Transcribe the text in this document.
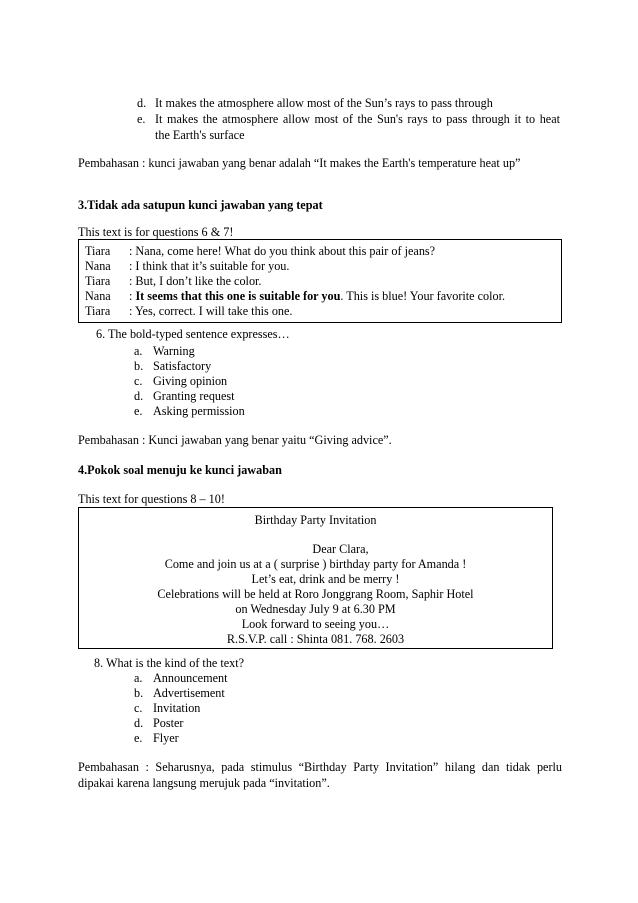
d. It makes the atmosphere allow most of the Sun’s rays to pass through
e. It makes the atmosphere allow most of the Sun's rays to pass through it to heat
the Earth's surface
Pembahasan : kunci jawaban yang benar adalah “It makes the Earth's temperature heat up”
3.Tidak ada satupun kunci jawaban yang tepat
This text is for questions 6 & 7!
Tiara : Nana, come here! What do you think about this pair of jeans?
Nana : I think that it’s suitable for you.
Tiara : But, I don’t like the color.
Nana : It seems that this one is suitable for you. This is blue! Your favorite color.
Tiara : Yes, correct. I will take this one.
6. The bold-typed sentence expresses…
a. Warning
b. Satisfactory
c. Giving opinion
d. Granting request
e. Asking permission
Pembahasan : Kunci jawaban yang benar yaitu “Giving advice”.
4.Pokok soal menuju ke kunci jawaban
This text for questions 8 – 10!
Birthday Party Invitation
Dear Clara,
Come and join us at a ( surprise ) birthday party for Amanda !
Let’s eat, drink and be merry !
Celebrations will be held at Roro Jonggrang Room, Saphir Hotel
on Wednesday July 9 at 6.30 PM
Look forward to seeing you…
R.S.V.P. call : Shinta 081. 768. 2603
8. What is the kind of the text?
a. Announcement
b. Advertisement
c. Invitation
d. Poster
e. Flyer
Pembahasan : Seharusnya, pada stimulus “Birthday Party Invitation” hilang dan tidak perlu
dipakai karena langsung merujuk pada “invitation”.
